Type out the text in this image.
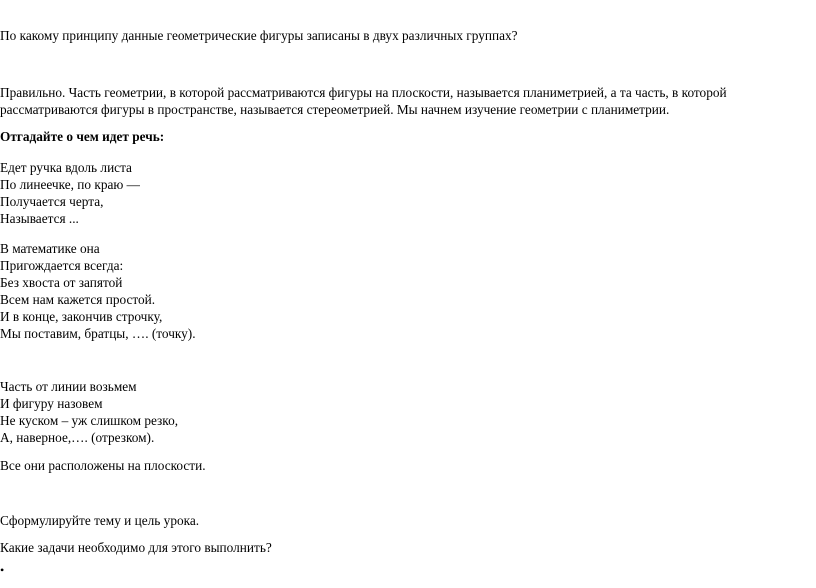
По какому принципу данные геометрические фигуры записаны в двух различных группах?
Правильно. Часть геометрии, в которой рассматриваются фигуры на плоскости, называется планиметрией, а та часть, в которой рассматриваются фигуры в пространстве, называется стереометрией. Мы начнем изучение геометрии с планиметрии.
Отгадайте о чем идет речь:
Едет ручка вдоль листа
По линеечке, по краю —
Получается черта,
Называется ...
В математике она
Пригождается всегда:
Без хвоста от запятой
Всем нам кажется простой.
И в конце, закончив строчку,
Мы поставим, братцы, …. (точку).
Часть от линии возьмем
И фигуру назовем
Не куском – уж слишком резко,
А, наверное,…. (отрезком).
Все они расположены на плоскости.
Сформулируйте тему и цель урока.
Какие задачи необходимо для этого выполнить?
•
